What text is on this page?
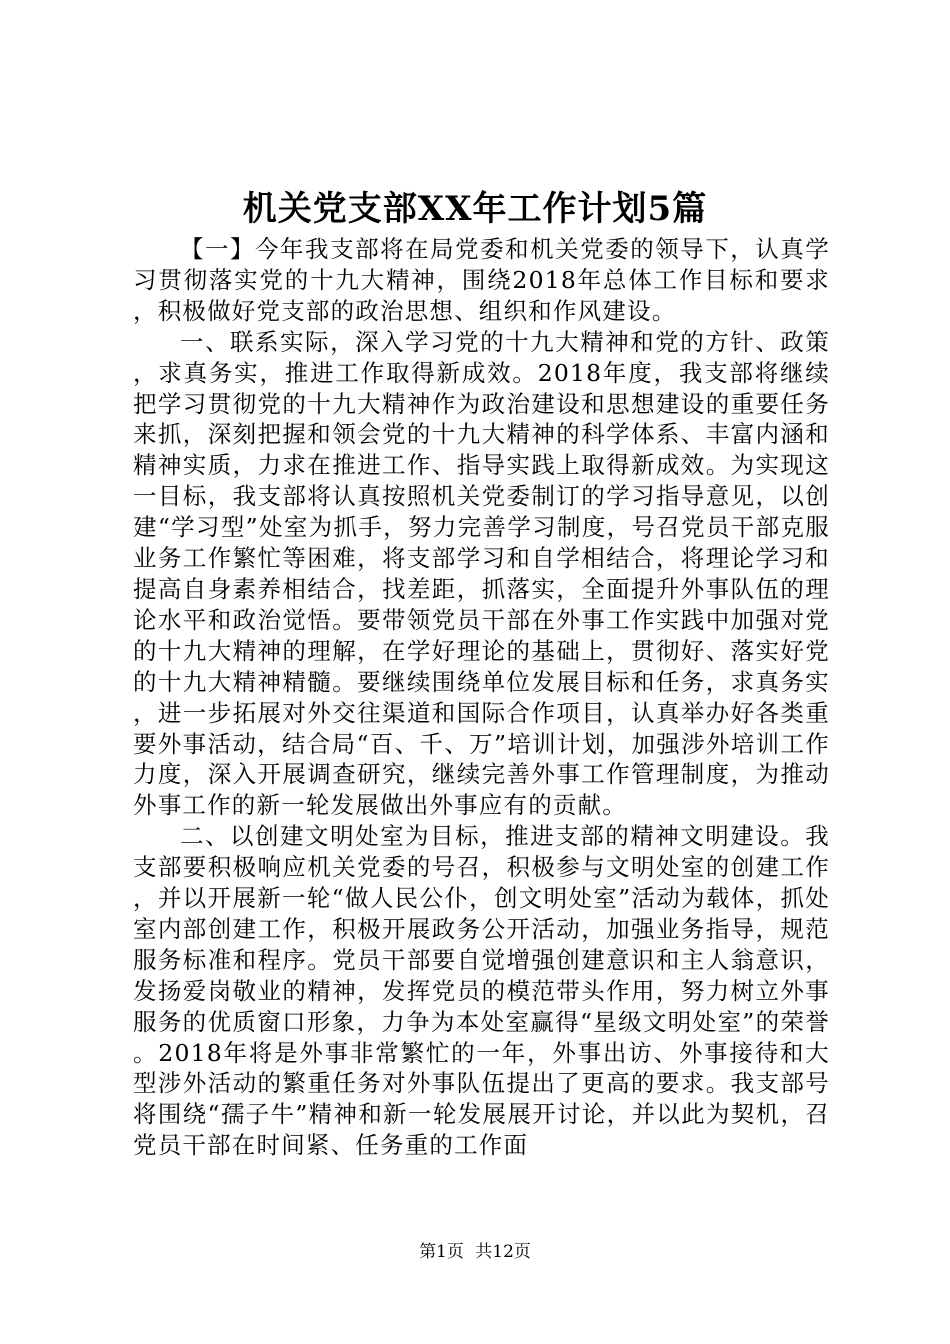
机关党支部XX年工作计划5篇

【一】今年我支部将在局党委和机关党委的领导下，认真学习贯彻落实党的十九大精神，围绕2018年总体工作目标和要求，积极做好党支部的政治思想、组织和作风建设。

一、联系实际，深入学习党的十九大精神和党的方针、政策，求真务实，推进工作取得新成效。2018年度，我支部将继续把学习贯彻党的十九大精神作为政治建设和思想建设的重要任务来抓，深刻把握和领会党的十九大精神的科学体系、丰富内涵和精神实质，力求在推进工作、指导实践上取得新成效。为实现这一目标，我支部将认真按照机关党委制订的学习指导意见，以创建“学习型”处室为抓手，努力完善学习制度，号召党员干部克服业务工作繁忙等困难，将支部学习和自学相结合，将理论学习和提高自身素养相结合，找差距，抓落实，全面提升外事队伍的理论水平和政治觉悟。要带领党员干部在外事工作实践中加强对党的十九大精神的理解，在学好理论的基础上，贯彻好、落实好党的十九大精神精髓。要继续围绕单位发展目标和任务，求真务实，进一步拓展对外交往渠道和国际合作项目，认真举办好各类重要外事活动，结合局“百、千、万”培训计划，加强涉外培训工作力度，深入开展调查研究，继续完善外事工作管理制度，为推动外事工作的新一轮发展做出外事应有的贡献。

二、以创建文明处室为目标，推进支部的精神文明建设。我支部要积极响应机关党委的号召，积极参与文明处室的创建工作，并以开展新一轮“做人民公仆，创文明处室”活动为载体，抓处室内部创建工作，积极开展政务公开活动，加强业务指导，规范服务标准和程序。党员干部要自觉增强创建意识和主人翁意识，发扬爱岗敬业的精神，发挥党员的模范带头作用，努力树立外事服务的优质窗口形象，力争为本处室赢得“星级文明处室”的荣誉。2018年将是外事非常繁忙的一年，外事出访、外事接待和大型涉外活动的繁重任务对外事队伍提出了更高的要求。我支部号将围绕“孺子牛”精神和新一轮发展展开讨论，并以此为契机，召党员干部在时间紧、任务重的工作面

第1页 共12页
